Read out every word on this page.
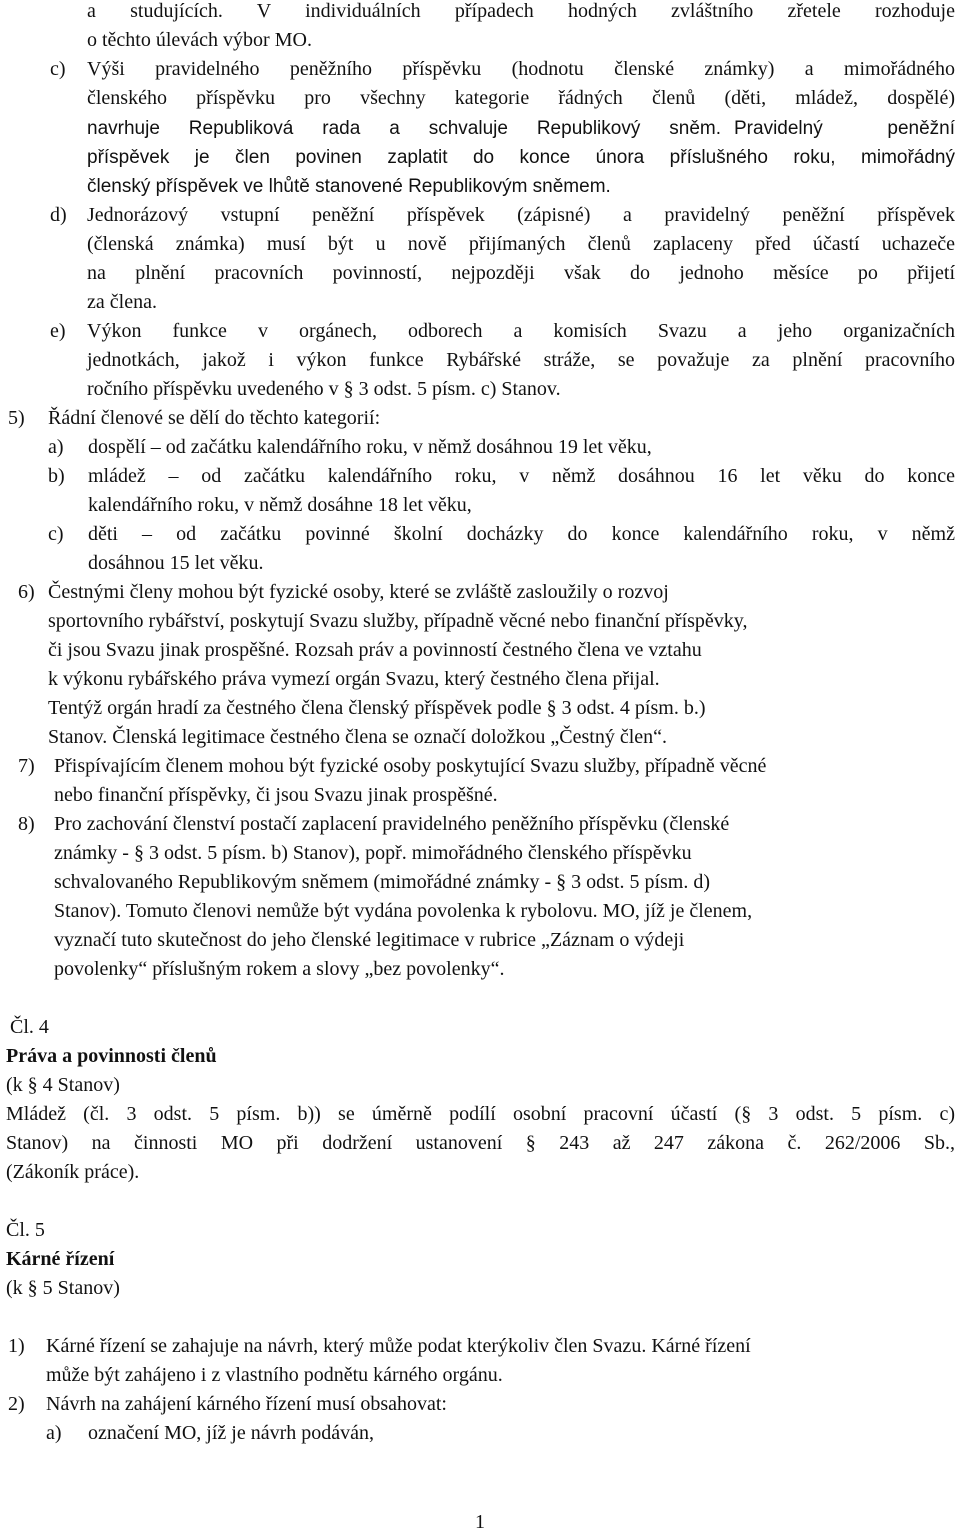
a studujících. V individuálních případech hodných zvláštního zřetele rozhoduje
o těchto úlevách výbor MO.
c) Výši pravidelného peněžního příspěvku (hodnotu členské známky) a mimořádného
členského příspěvku pro všechny kategorie řádných členů (děti, mládež, dospělé)
navrhuje Republiková rada a schvaluje Republikový sněm. Pravidelný peněžní
příspěvek je člen povinen zaplatit do konce února příslušného roku, mimořádný
členský příspěvek ve lhůtě stanovené Republikovým sněmem.
d) Jednorázový vstupní peněžní příspěvek (zápisné) a pravidelný peněžní příspěvek
(členská známka) musí být u nově přijímaných členů zaplaceny před účastí uchazeče
na plnění pracovních povinností, nejpozději však do jednoho měsíce po přijetí
za člena.
e) Výkon funkce v orgánech, odborech a komisích Svazu a jeho organizačních
jednotkách, jakož i výkon funkce Rybářské stráže, se považuje za plnění pracovního
ročního příspěvku uvedeného v § 3 odst. 5 písm. c) Stanov.
5) Řádní členové se dělí do těchto kategorií:
a) dospělí – od začátku kalendářního roku, v němž dosáhnou 19 let věku,
b) mládež – od začátku kalendářního roku, v němž dosáhnou 16 let věku do konce
kalendářního roku, v němž dosáhne 18 let věku,
c) děti – od začátku povinné školní docházky do konce kalendářního roku, v němž
dosáhnou 15 let věku.
6) Čestnými členy mohou být fyzické osoby, které se zvláště zasloužily o rozvoj
sportovního rybářství, poskytují Svazu služby, případně věcné nebo finanční příspěvky,
či jsou Svazu jinak prospěšné. Rozsah práv a povinností čestného člena ve vztahu
k výkonu rybářského práva vymezí orgán Svazu, který čestného člena přijal.
Tentýž orgán hradí za čestného člena členský příspěvek podle § 3 odst. 4 písm. b.)
Stanov. Členská legitimace čestného člena se označí doložkou „Čestný člen“.
7) Přispívajícím členem mohou být fyzické osoby poskytující Svazu služby, případně věcné
nebo finanční příspěvky, či jsou Svazu jinak prospěšné.
8) Pro zachování členství postačí zaplacení pravidelného peněžního příspěvku (členské
známky - § 3 odst. 5 písm. b) Stanov), popř. mimořádného členského příspěvku
schvalovaného Republikovým sněmem (mimořádné známky - § 3 odst. 5 písm. d)
Stanov). Tomuto členovi nemůže být vydána povolenka k rybolovu. MO, jíž je členem,
vyznačí tuto skutečnost do jeho členské legitimace v rubrice „Záznam o výdeji
povolenky“ příslušným rokem a slovy „bez povolenky“.
Čl. 4
Práva a povinnosti členů
(k § 4 Stanov)
Mládež (čl. 3 odst. 5 písm. b)) se úměrně podílí osobní pracovní účastí (§ 3 odst. 5 písm. c)
Stanov) na činnosti MO při dodržení ustanovení § 243 až 247 zákona č. 262/2006 Sb.,
(Zákoník práce).
Čl. 5
Kárné řízení
(k § 5 Stanov)
1) Kárné řízení se zahajuje na návrh, který může podat kterýkoliv člen Svazu. Kárné řízení
může být zahájeno i z vlastního podnětu kárného orgánu.
2) Návrh na zahájení kárného řízení musí obsahovat:
a) označení MO, jíž je návrh podáván,
1
